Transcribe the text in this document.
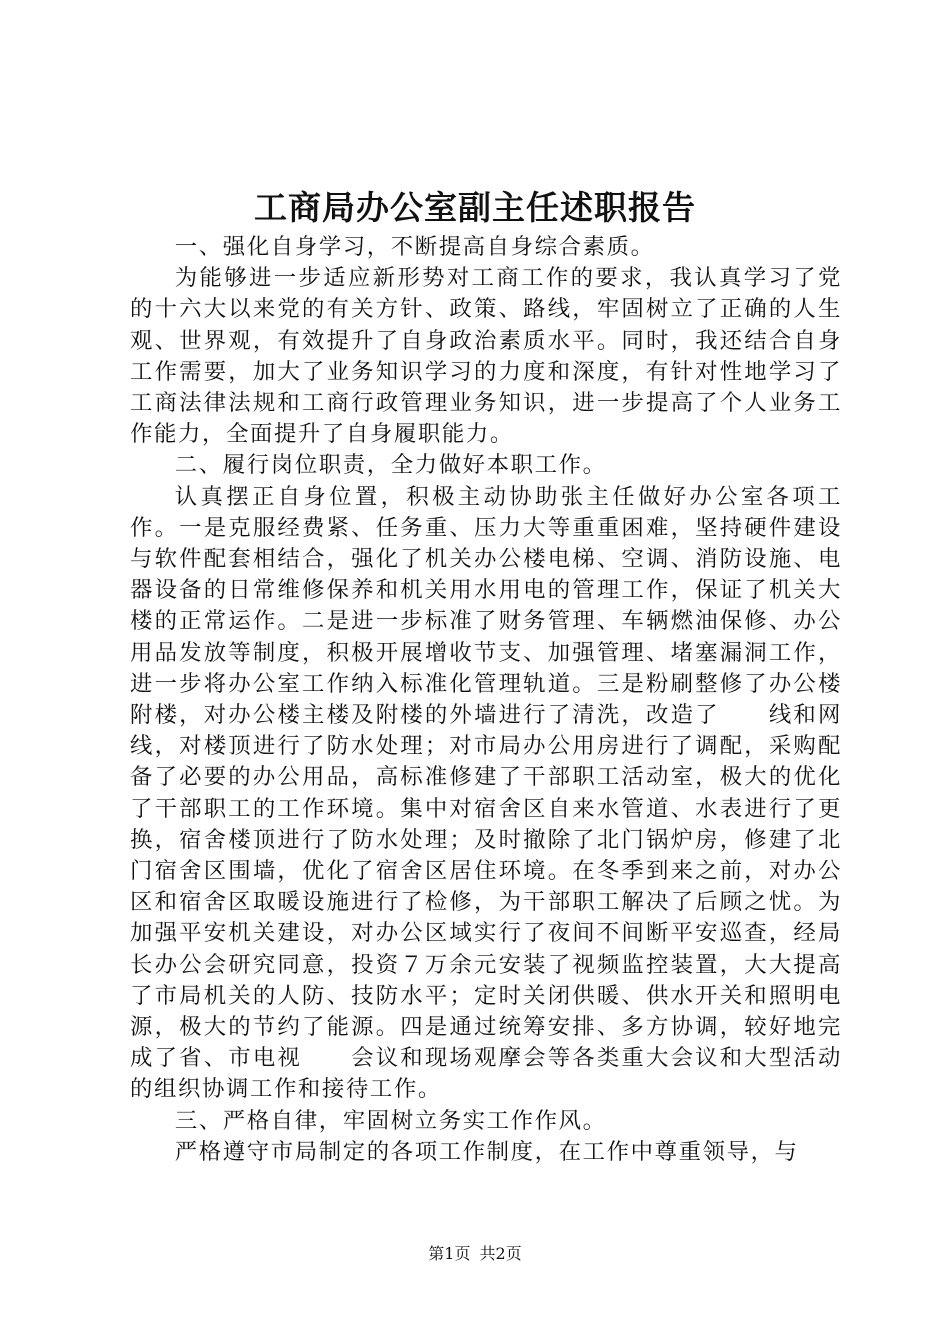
工商局办公室副主任述职报告

一、强化自身学习，不断提高自身综合素质。

为能够进一步适应新形势对工商工作的要求，我认真学习了党的十六大以来党的有关方针、政策、路线，牢固树立了正确的人生观、世界观，有效提升了自身政治素质水平。同时，我还结合自身工作需要，加大了业务知识学习的力度和深度，有针对性地学习了工商法律法规和工商行政管理业务知识，进一步提高了个人业务工作能力，全面提升了自身履职能力。

二、履行岗位职责，全力做好本职工作。

认真摆正自身位置，积极主动协助张主任做好办公室各项工作。一是克服经费紧、任务重、压力大等重重困难，坚持硬件建设与软件配套相结合，强化了机关办公楼电梯、空调、消防设施、电器设备的日常维修保养和机关用水用电的管理工作，保证了机关大楼的正常运作。二是进一步标准了财务管理、车辆燃油保修、办公用品发放等制度，积极开展增收节支、加强管理、堵塞漏洞工作，进一步将办公室工作纳入标准化管理轨道。三是粉刷整修了办公楼附楼，对办公楼主楼及附楼的外墙进行了清洗，改造了　　线和网线，对楼顶进行了防水处理；对市局办公用房进行了调配，采购配备了必要的办公用品，高标准修建了干部职工活动室，极大的优化了干部职工的工作环境。集中对宿舍区自来水管道、水表进行了更换，宿舍楼顶进行了防水处理；及时撤除了北门锅炉房，修建了北门宿舍区围墙，优化了宿舍区居住环境。在冬季到来之前，对办公区和宿舍区取暖设施进行了检修，为干部职工解决了后顾之忧。为加强平安机关建设，对办公区域实行了夜间不间断平安巡查，经局长办公会研究同意，投资７万余元安装了视频监控装置，大大提高了市局机关的人防、技防水平；定时关闭供暖、供水开关和照明电源，极大的节约了能源。四是通过统筹安排、多方协调，较好地完成了省、市电视　　会议和现场观摩会等各类重大会议和大型活动的组织协调工作和接待工作。

三、严格自律，牢固树立务实工作作风。

严格遵守市局制定的各项工作制度，在工作中尊重领导，与

第1页 共2页
